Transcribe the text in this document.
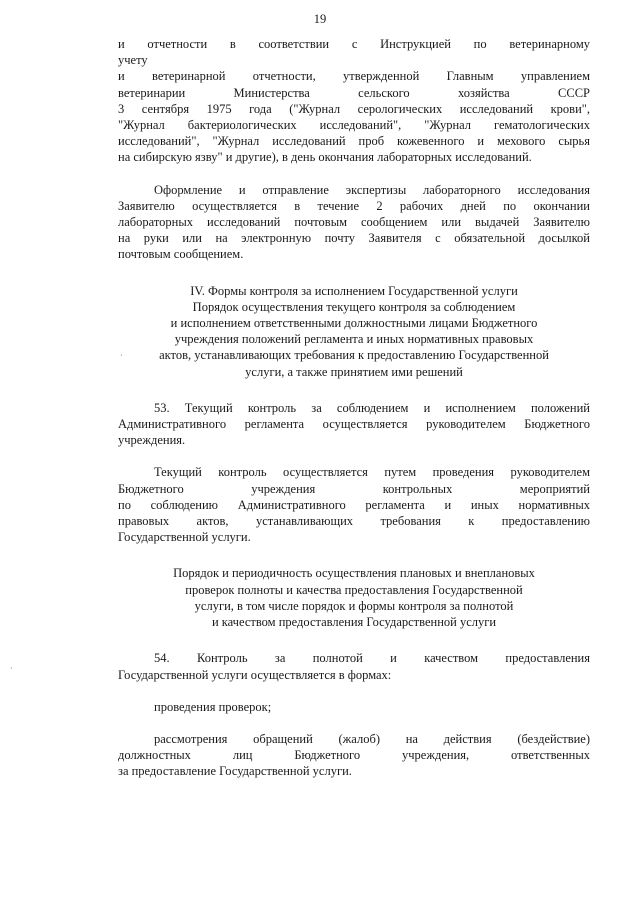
19
и отчетности в соответствии с Инструкцией по ветеринарному
учету
и ветеринарной отчетности, утвержденной Главным управлением
ветеринарии Министерства сельского хозяйства СССР
3 сентября 1975 года ("Журнал серологических исследований крови",
"Журнал бактериологических исследований", "Журнал гематологических
исследований", "Журнал исследований проб кожевенного и мехового сырья
на сибирскую язву" и другие), в день окончания лабораторных исследований.
Оформление и отправление экспертизы лабораторного исследования
Заявителю осуществляется в течение 2 рабочих дней по окончании
лабораторных исследований почтовым сообщением или выдачей Заявителю
на руки или на электронную почту Заявителя с обязательной досылкой
почтовым сообщением.
IV. Формы контроля за исполнением Государственной услуги
Порядок осуществления текущего контроля за соблюдением
и исполнением ответственными должностными лицами Бюджетного
учреждения положений регламента и иных нормативных правовых
актов, устанавливающих требования к предоставлению Государственной
услуги, а также принятием ими решений
53. Текущий контроль за соблюдением и исполнением положений
Административного регламента осуществляется руководителем Бюджетного
учреждения.
Текущий контроль осуществляется путем проведения руководителем
Бюджетного учреждения контрольных мероприятий
по соблюдению Административного регламента и иных нормативных
правовых актов, устанавливающих требования к предоставлению
Государственной услуги.
Порядок и периодичность осуществления плановых и внеплановых
проверок полноты и качества предоставления Государственной
услуги, в том числе порядок и формы контроля за полнотой
и качеством предоставления Государственной услуги
54. Контроль за полнотой и качеством предоставления
Государственной услуги осуществляется в формах:
проведения проверок;
рассмотрения обращений (жалоб) на действия (бездействие)
должностных лиц Бюджетного учреждения, ответственных
за предоставление Государственной услуги.
·
·
